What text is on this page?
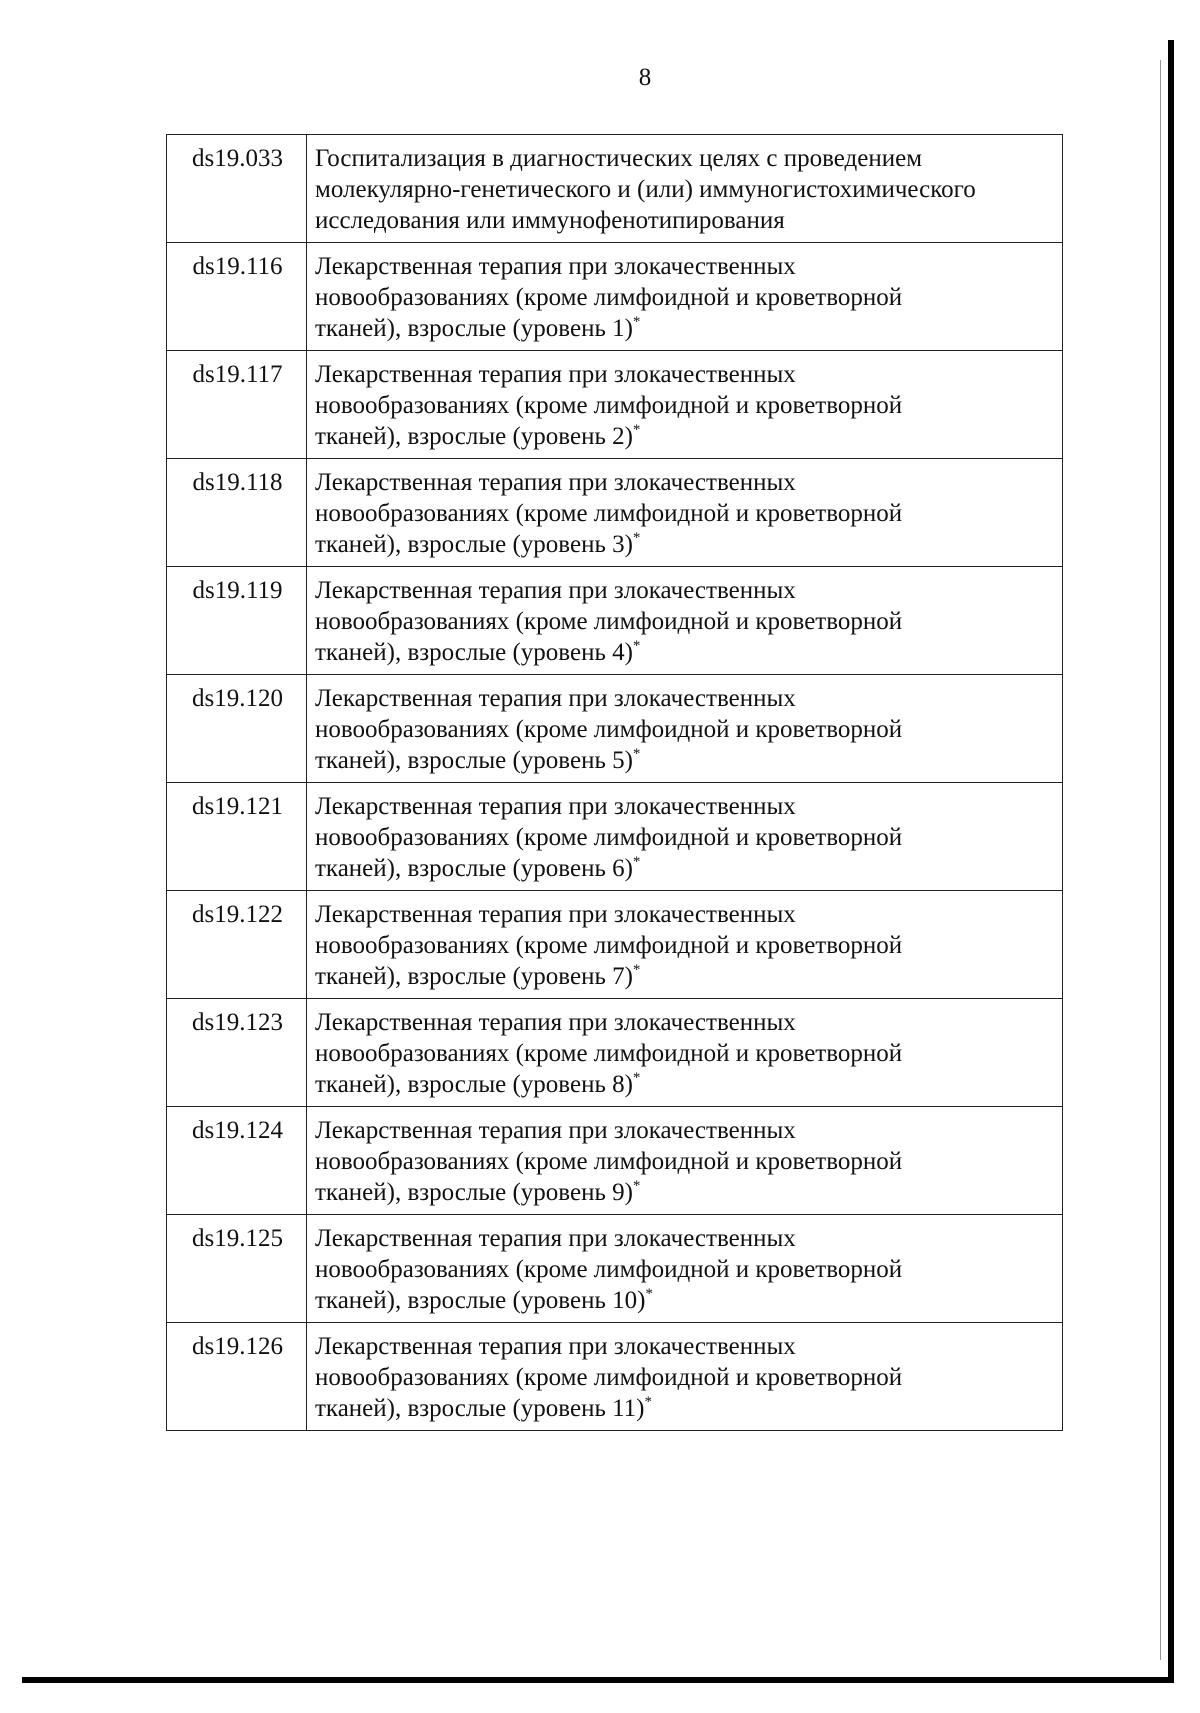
8
ds19.033	Госпитализация в диагностических целях с проведением
молекулярно-генетического и (или) иммуногистохимического
исследования или иммунофенотипирования

ds19.116	Лекарственная терапия при злокачественных
новообразованиях (кроме лимфоидной и кроветворной
тканей), взрослые (уровень 1)*

ds19.117	Лекарственная терапия при злокачественных
новообразованиях (кроме лимфоидной и кроветворной
тканей), взрослые (уровень 2)*

ds19.118	Лекарственная терапия при злокачественных
новообразованиях (кроме лимфоидной и кроветворной
тканей), взрослые (уровень 3)*

ds19.119	Лекарственная терапия при злокачественных
новообразованиях (кроме лимфоидной и кроветворной
тканей), взрослые (уровень 4)*

ds19.120	Лекарственная терапия при злокачественных
новообразованиях (кроме лимфоидной и кроветворной
тканей), взрослые (уровень 5)*

ds19.121	Лекарственная терапия при злокачественных
новообразованиях (кроме лимфоидной и кроветворной
тканей), взрослые (уровень 6)*

ds19.122	Лекарственная терапия при злокачественных
новообразованиях (кроме лимфоидной и кроветворной
тканей), взрослые (уровень 7)*

ds19.123	Лекарственная терапия при злокачественных
новообразованиях (кроме лимфоидной и кроветворной
тканей), взрослые (уровень 8)*

ds19.124	Лекарственная терапия при злокачественных
новообразованиях (кроме лимфоидной и кроветворной
тканей), взрослые (уровень 9)*

ds19.125	Лекарственная терапия при злокачественных
новообразованиях (кроме лимфоидной и кроветворной
тканей), взрослые (уровень 10)*

ds19.126	Лекарственная терапия при злокачественных
новообразованиях (кроме лимфоидной и кроветворной
тканей), взрослые (уровень 11)*
